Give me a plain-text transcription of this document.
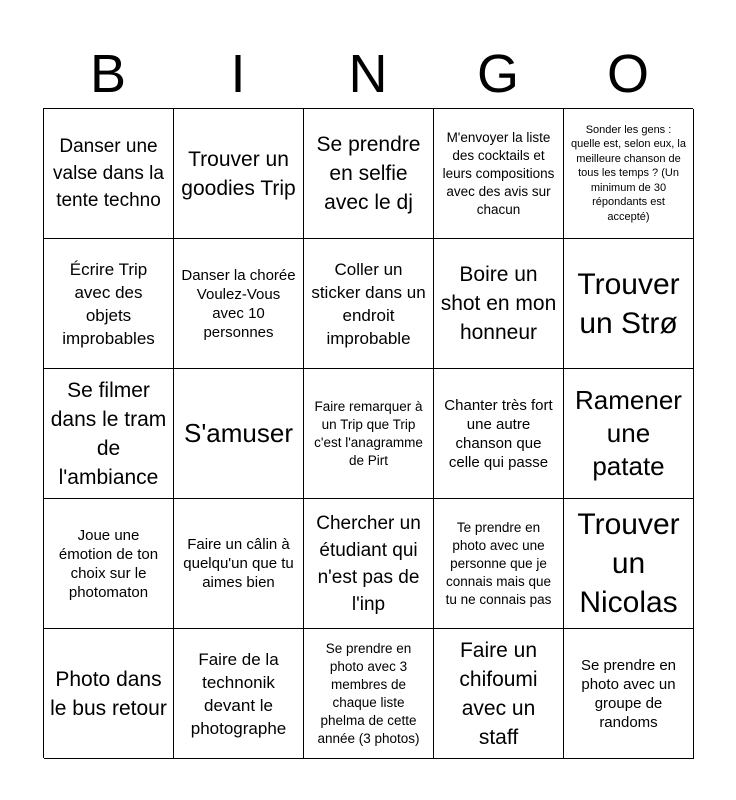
B	I	N	G	O
Danser une valse dans la tente techno
Trouver un goodies Trip
Se prendre en selfie avec le dj
M'envoyer la liste des cocktails et leurs compositions avec des avis sur chacun
Sonder les gens : quelle est, selon eux, la meilleure chanson de tous les temps ? (Un minimum de 30 répondants est accepté)
Écrire Trip avec des objets improbables
Danser la chorée Voulez-Vous avec 10 personnes
Coller un sticker dans un endroit improbable
Boire un shot en mon honneur
Trouver un Strø
Se filmer dans le tram de l'ambiance
S'amuser
Faire remarquer à un Trip que Trip c'est l'anagramme de Pirt
Chanter très fort une autre chanson que celle qui passe
Ramener une patate
Joue une émotion de ton choix sur le photomaton
Faire un câlin à quelqu'un que tu aimes bien
Chercher un étudiant qui n'est pas de l'inp
Te prendre en photo avec une personne que je connais mais que tu ne connais pas
Trouver un Nicolas
Photo dans le bus retour
Faire de la technonik devant le photographe
Se prendre en photo avec 3 membres de chaque liste phelma de cette année (3 photos)
Faire un chifoumi avec un staff
Se prendre en photo avec un groupe de randoms
